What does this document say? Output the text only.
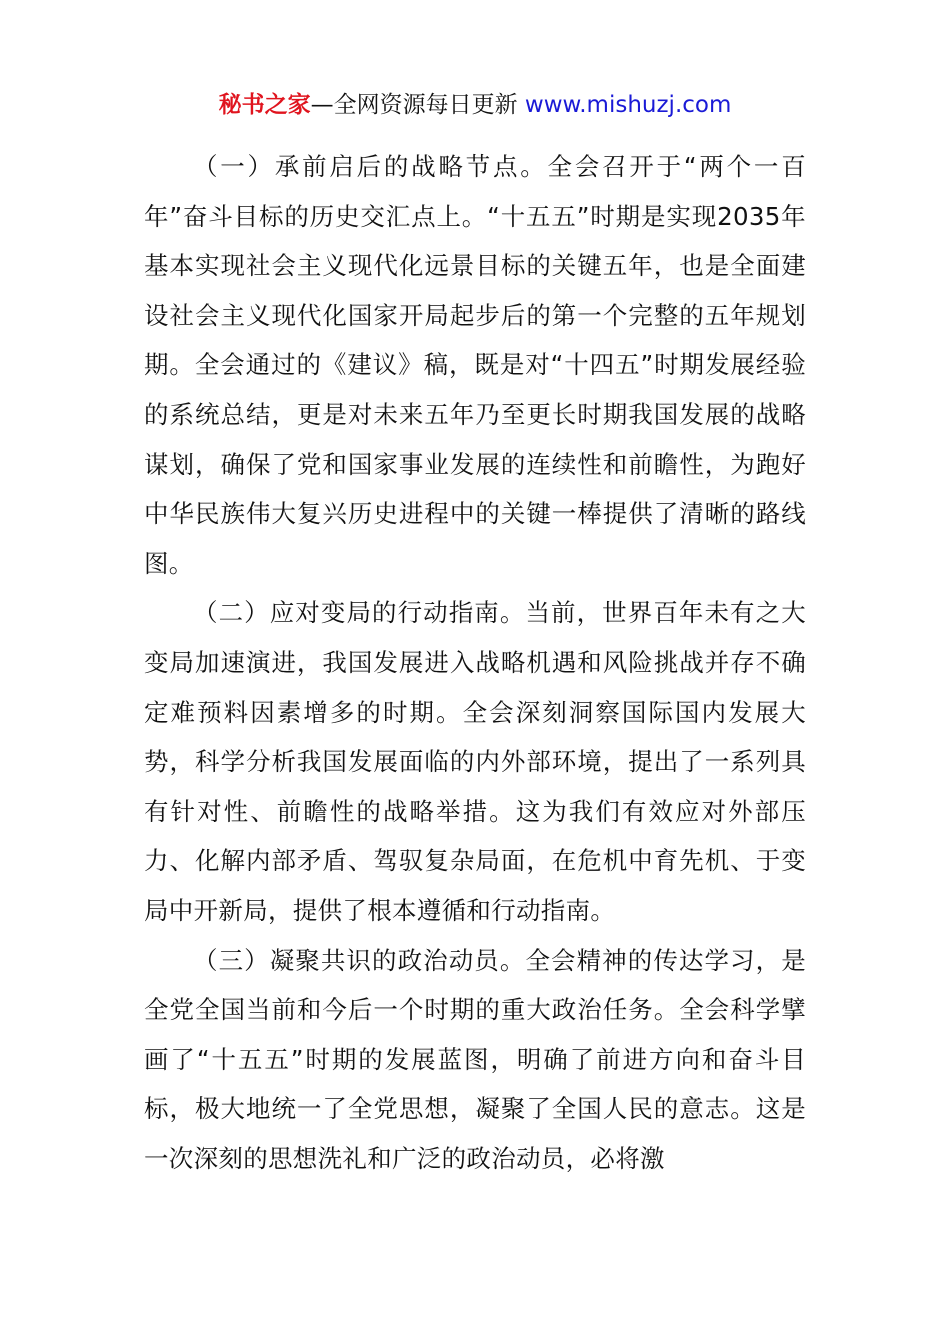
秘书之家—全网资源每日更新 www.mishuzj.com

（一）承前启后的战略节点。全会召开于“两个一百年”奋斗目标的历史交汇点上。“十五五”时期是实现2035年基本实现社会主义现代化远景目标的关键五年，也是全面建设社会主义现代化国家开局起步后的第一个完整的五年规划期。全会通过的《建议》稿，既是对“十四五”时期发展经验的系统总结，更是对未来五年乃至更长时期我国发展的战略谋划，确保了党和国家事业发展的连续性和前瞻性，为跑好中华民族伟大复兴历史进程中的关键一棒提供了清晰的路线图。

（二）应对变局的行动指南。当前，世界百年未有之大变局加速演进，我国发展进入战略机遇和风险挑战并存不确定难预料因素增多的时期。全会深刻洞察国际国内发展大势，科学分析我国发展面临的内外部环境，提出了一系列具有针对性、前瞻性的战略举措。这为我们有效应对外部压力、化解内部矛盾、驾驭复杂局面，在危机中育先机、于变局中开新局，提供了根本遵循和行动指南。

（三）凝聚共识的政治动员。全会精神的传达学习，是全党全国当前和今后一个时期的重大政治任务。全会科学擘画了“十五五”时期的发展蓝图，明确了前进方向和奋斗目标，极大地统一了全党思想，凝聚了全国人民的意志。这是一次深刻的思想洗礼和广泛的政治动员，必将激
